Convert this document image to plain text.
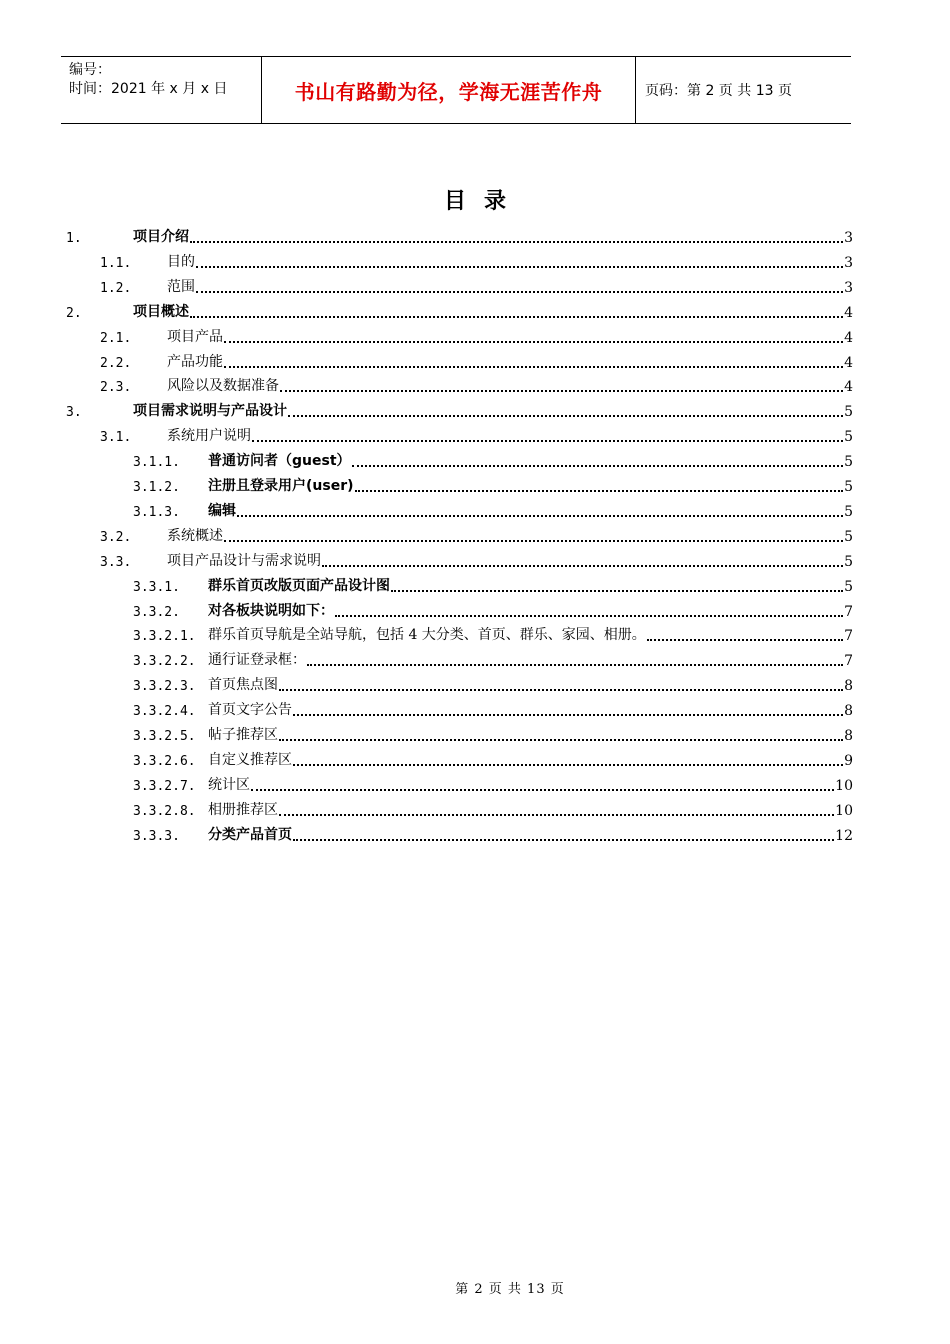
编号：
时间：2021 年 x 月 x 日	书山有路勤为径，学海无涯苦作舟	页码：第 2 页 共 13 页
目录
1.	项目介绍	3
1.1.	目的	3
1.2.	范围	3
2.	项目概述	4
2.1.	项目产品	4
2.2.	产品功能	4
2.3.	风险以及数据准备	4
3.	项目需求说明与产品设计	5
3.1.	系统用户说明	5
3.1.1.	普通访问者（guest）	5
3.1.2.	注册且登录用户(user)	5
3.1.3.	编辑	5
3.2.	系统概述	5
3.3.	项目产品设计与需求说明	5
3.3.1.	群乐首页改版页面产品设计图	5
3.3.2.	对各板块说明如下：	7
3.3.2.1. 群乐首页导航是全站导航，包括 4 大分类、首页、群乐、家园、相册。	7
3.3.2.2. 通行证登录框：	7
3.3.2.3. 首页焦点图	8
3.3.2.4. 首页文字公告	8
3.3.2.5. 帖子推荐区	8
3.3.2.6. 自定义推荐区	9
3.3.2.7. 统计区	10
3.3.2.8. 相册推荐区	10
3.3.3.	分类产品首页	12
第 2 页 共 13 页
